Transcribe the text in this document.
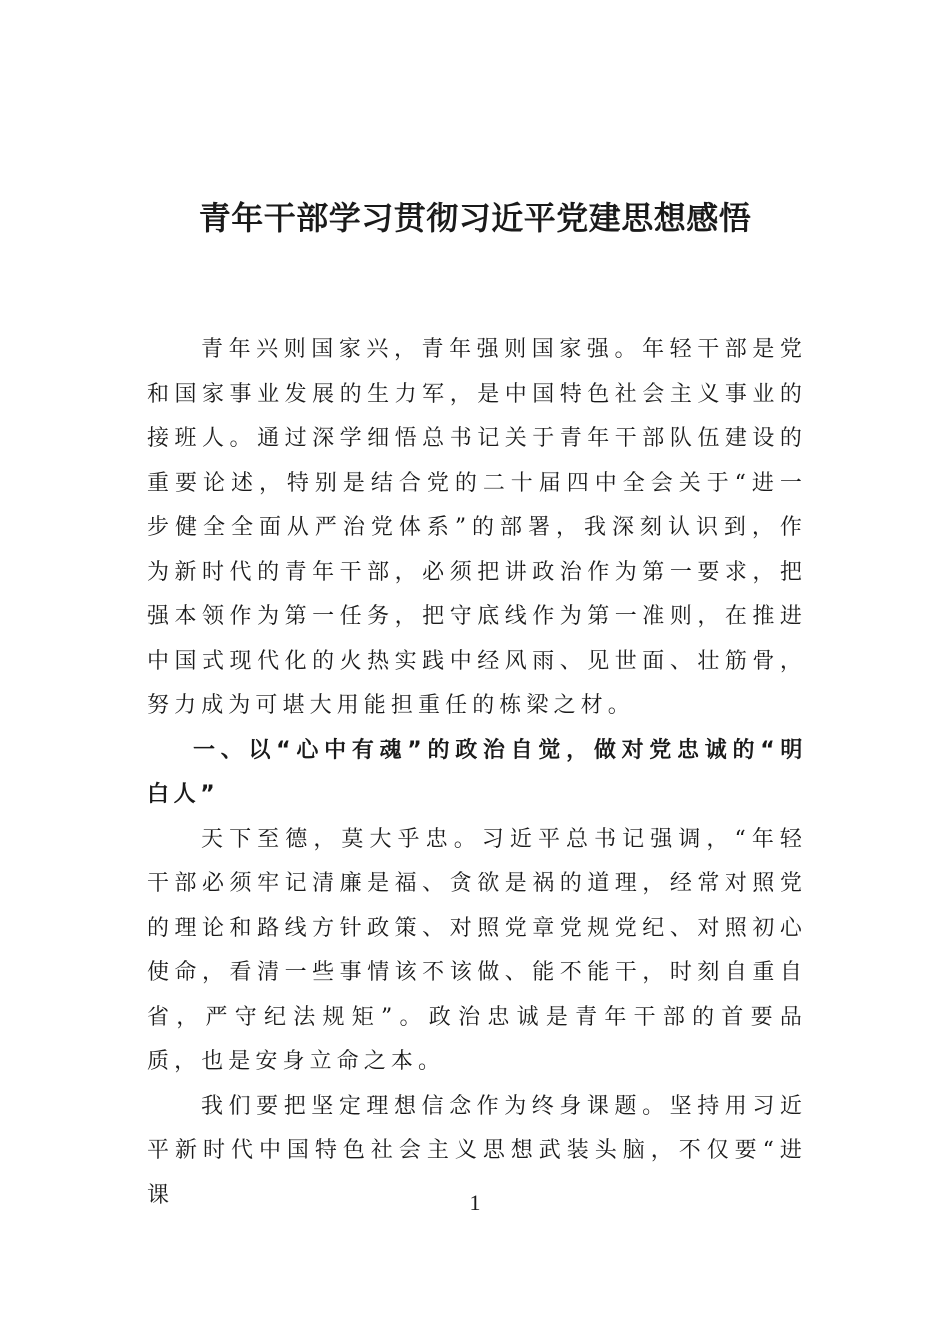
青年干部学习贯彻习近平党建思想感悟

青年兴则国家兴，青年强则国家强。年轻干部是党和国家事业发展的生力军，是中国特色社会主义事业的接班人。通过深学细悟总书记关于青年干部队伍建设的重要论述，特别是结合党的二十届四中全会关于“进一步健全全面从严治党体系”的部署，我深刻认识到，作为新时代的青年干部，必须把讲政治作为第一要求，把强本领作为第一任务，把守底线作为第一准则，在推进中国式现代化的火热实践中经风雨、见世面、壮筋骨，努力成为可堪大用能担重任的栋梁之材。

一、以“心中有魂”的政治自觉，做对党忠诚的“明白人”

天下至德，莫大乎忠。习近平总书记强调，“年轻干部必须牢记清廉是福、贪欲是祸的道理，经常对照党的理论和路线方针政策、对照党章党规党纪、对照初心使命，看清一些事情该不该做、能不能干，时刻自重自省，严守纪法规矩”。政治忠诚是青年干部的首要品质，也是安身立命之本。

我们要把坚定理想信念作为终身课题。坚持用习近平新时代中国特色社会主义思想武装头脑，不仅要“进课	1
